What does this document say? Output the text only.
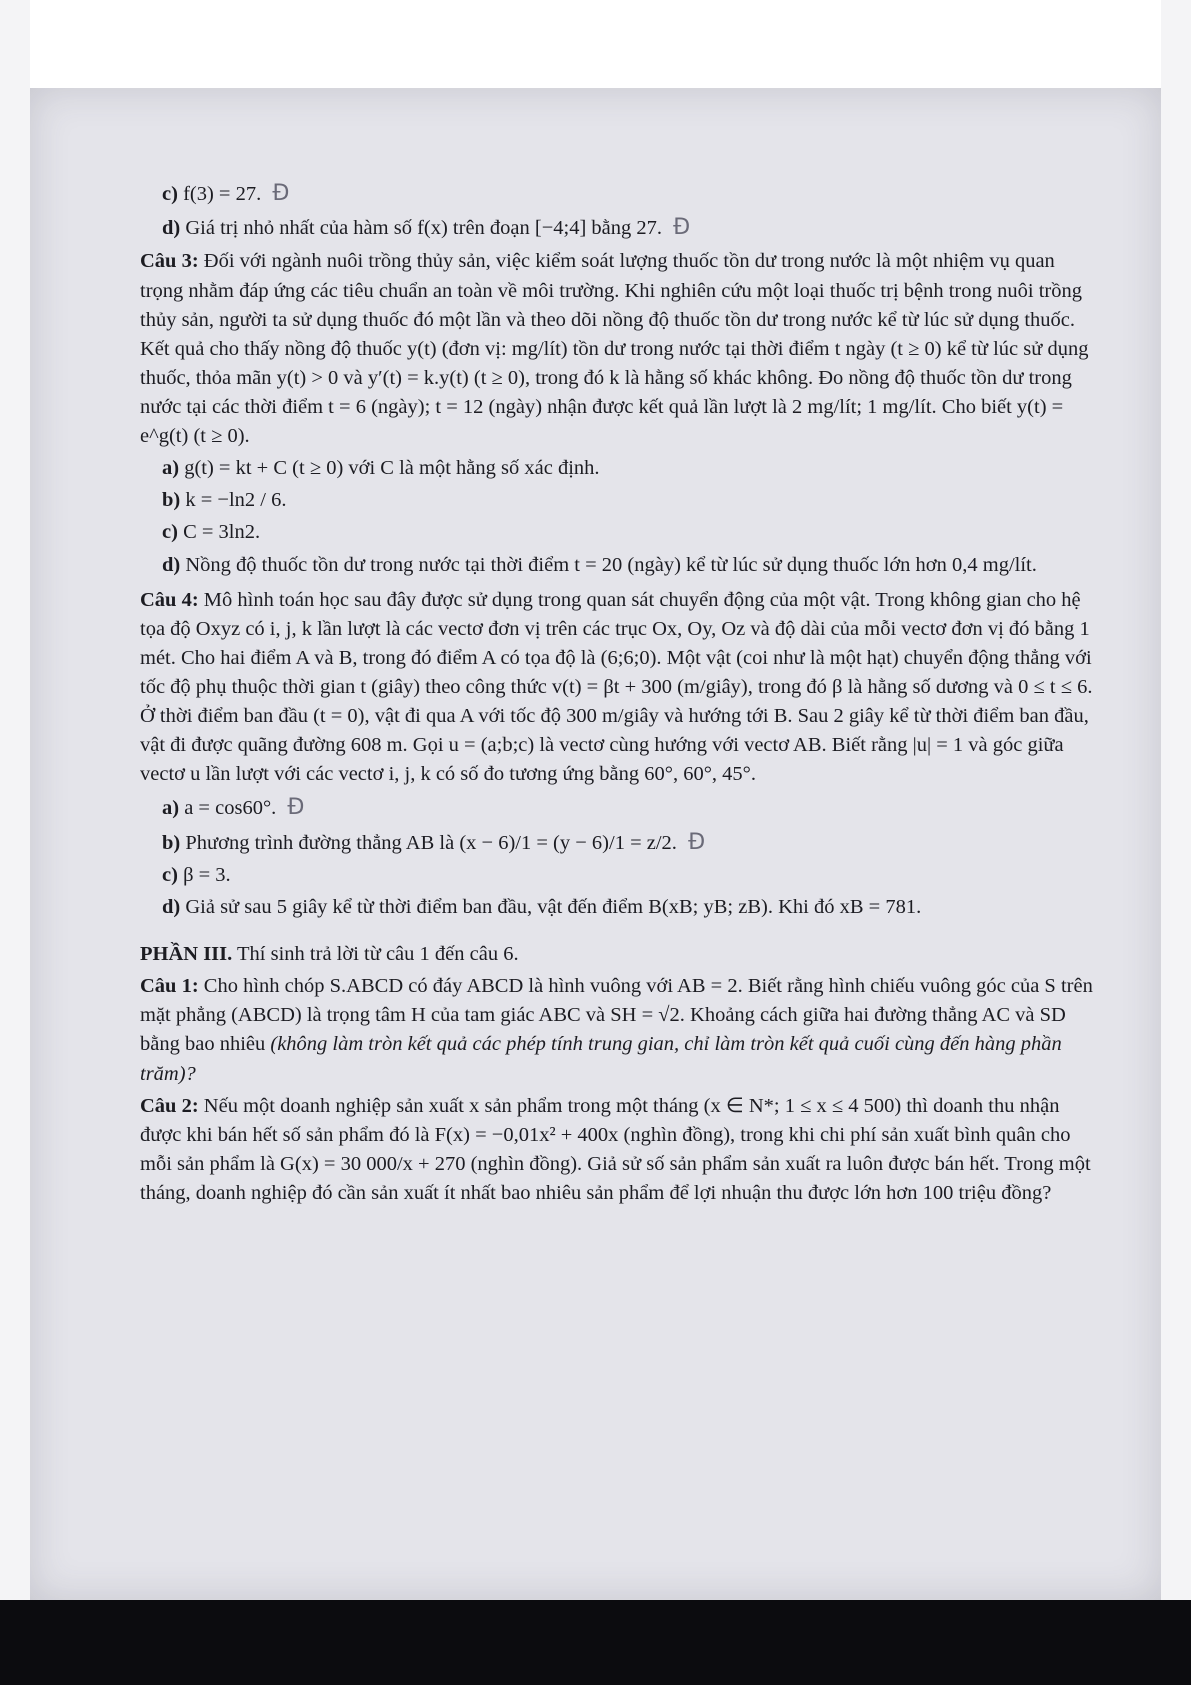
c) f(3) = 27. Đ

d) Giá trị nhỏ nhất của hàm số f(x) trên đoạn [−4;4] bằng 27. Đ

Câu 3: Đối với ngành nuôi trồng thủy sản, việc kiểm soát lượng thuốc tồn dư trong nước là một nhiệm vụ quan trọng nhằm đáp ứng các tiêu chuẩn an toàn về môi trường. Khi nghiên cứu một loại thuốc trị bệnh trong nuôi trồng thủy sản, người ta sử dụng thuốc đó một lần và theo dõi nồng độ thuốc tồn dư trong nước kể từ lúc sử dụng thuốc. Kết quả cho thấy nồng độ thuốc y(t) (đơn vị: mg/lít) tồn dư trong nước tại thời điểm t ngày (t ≥ 0) kể từ lúc sử dụng thuốc, thỏa mãn y(t) > 0 và y′(t) = k.y(t) (t ≥ 0), trong đó k là hằng số khác không. Đo nồng độ thuốc tồn dư trong nước tại các thời điểm t = 6 (ngày); t = 12 (ngày) nhận được kết quả lần lượt là 2 mg/lít; 1 mg/lít. Cho biết y(t) = e^g(t) (t ≥ 0).

a) g(t) = kt + C (t ≥ 0) với C là một hằng số xác định.

b) k = −ln2 / 6.

c) C = 3ln2.

d) Nồng độ thuốc tồn dư trong nước tại thời điểm t = 20 (ngày) kể từ lúc sử dụng thuốc lớn hơn 0,4 mg/lít.

Câu 4: Mô hình toán học sau đây được sử dụng trong quan sát chuyển động của một vật. Trong không gian cho hệ tọa độ Oxyz có i, j, k lần lượt là các vectơ đơn vị trên các trục Ox, Oy, Oz và độ dài của mỗi vectơ đơn vị đó bằng 1 mét. Cho hai điểm A và B, trong đó điểm A có tọa độ là (6;6;0). Một vật (coi như là một hạt) chuyển động thẳng với tốc độ phụ thuộc thời gian t (giây) theo công thức v(t) = βt + 300 (m/giây), trong đó β là hằng số dương và 0 ≤ t ≤ 6. Ở thời điểm ban đầu (t = 0), vật đi qua A với tốc độ 300 m/giây và hướng tới B. Sau 2 giây kể từ thời điểm ban đầu, vật đi được quãng đường 608 m. Gọi u = (a;b;c) là vectơ cùng hướng với vectơ AB. Biết rằng |u| = 1 và góc giữa vectơ u lần lượt với các vectơ i, j, k có số đo tương ứng bằng 60°, 60°, 45°.

a) a = cos60°. Đ

b) Phương trình đường thẳng AB là (x − 6)/1 = (y − 6)/1 = z/2. Đ

c) β = 3.

d) Giả sử sau 5 giây kể từ thời điểm ban đầu, vật đến điểm B(xB; yB; zB). Khi đó xB = 781.

PHẦN III. Thí sinh trả lời từ câu 1 đến câu 6.

Câu 1: Cho hình chóp S.ABCD có đáy ABCD là hình vuông với AB = 2. Biết rằng hình chiếu vuông góc của S trên mặt phẳng (ABCD) là trọng tâm H của tam giác ABC và SH = √2. Khoảng cách giữa hai đường thẳng AC và SD bằng bao nhiêu (không làm tròn kết quả các phép tính trung gian, chỉ làm tròn kết quả cuối cùng đến hàng phần trăm)?

Câu 2: Nếu một doanh nghiệp sản xuất x sản phẩm trong một tháng (x ∈ N*; 1 ≤ x ≤ 4 500) thì doanh thu nhận được khi bán hết số sản phẩm đó là F(x) = −0,01x² + 400x (nghìn đồng), trong khi chi phí sản xuất bình quân cho mỗi sản phẩm là G(x) = 30 000/x + 270 (nghìn đồng). Giả sử số sản phẩm sản xuất ra luôn được bán hết. Trong một tháng, doanh nghiệp đó cần sản xuất ít nhất bao nhiêu sản phẩm để lợi nhuận thu được lớn hơn 100 triệu đồng?
